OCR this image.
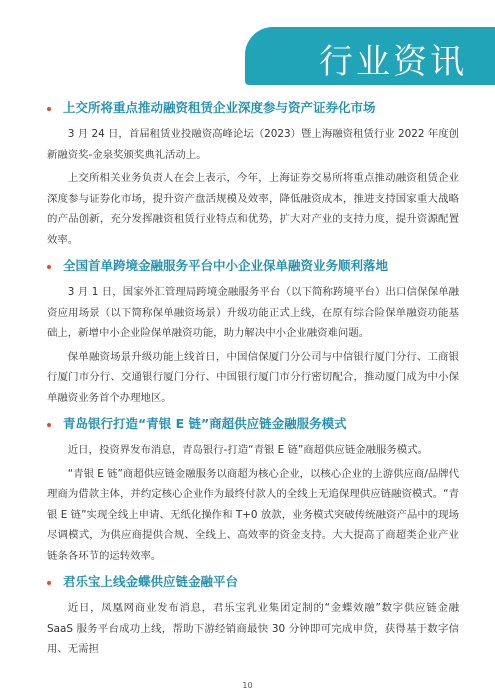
行业资讯
上交所将重点推动融资租赁企业深度参与资产证券化市场

3 月 24 日，首届租赁业投融资高峰论坛（2023）暨上海融资租赁行业 2022 年度创新融资奖-金泉奖颁奖典礼活动上。

上交所相关业务负责人在会上表示，今年，上海证券交易所将重点推动融资租赁企业深度参与证券化市场，提升资产盘活规模及效率，降低融资成本，推进支持国家重大战略的产品创新，充分发挥融资租赁行业特点和优势，扩大对产业的支持力度，提升资源配置效率。

全国首单跨境金融服务平台中小企业保单融资业务顺利落地

3 月 1 日，国家外汇管理局跨境金融服务平台（以下简称跨境平台）出口信保保单融资应用场景（以下简称保单融资场景）升级功能正式上线，在原有综合险保单融资功能基础上，新增中小企业险保单融资功能，助力解决中小企业融资难问题。

保单融资场景升级功能上线首日，中国信保厦门分公司与中信银行厦门分行、工商银行厦门市分行、交通银行厦门分行、中国银行厦门市分行密切配合，推动厦门成为中小保单融资业务首个办理地区。

青岛银行打造“青银 E 链”商超供应链金融服务模式

近日，投资界发布消息，青岛银行-打造“青银 E 链”商超供应链金融服务模式。

“青银 E 链”商超供应链金融服务以商超为核心企业，以核心企业的上游供应商/品牌代理商为借款主体，并约定核心企业作为最终付款人的全线上无追保理供应链融资模式。“青银 E 链”实现全线上申请、无纸化操作和 T+0 放款，业务模式突破传统融资产品中的现场尽调模式，为供应商提供合规、全线上、高效率的资金支持。大大提高了商超类企业产业链条各环节的运转效率。

君乐宝上线金蝶供应链金融平台

近日，凤凰网商业发布消息，君乐宝乳业集团定制的“金蝶效融”数字供应链金融 SaaS 服务平台成功上线，帮助下游经销商最快 30 分钟即可完成申贷，获得基于数字信用、无需担

10
